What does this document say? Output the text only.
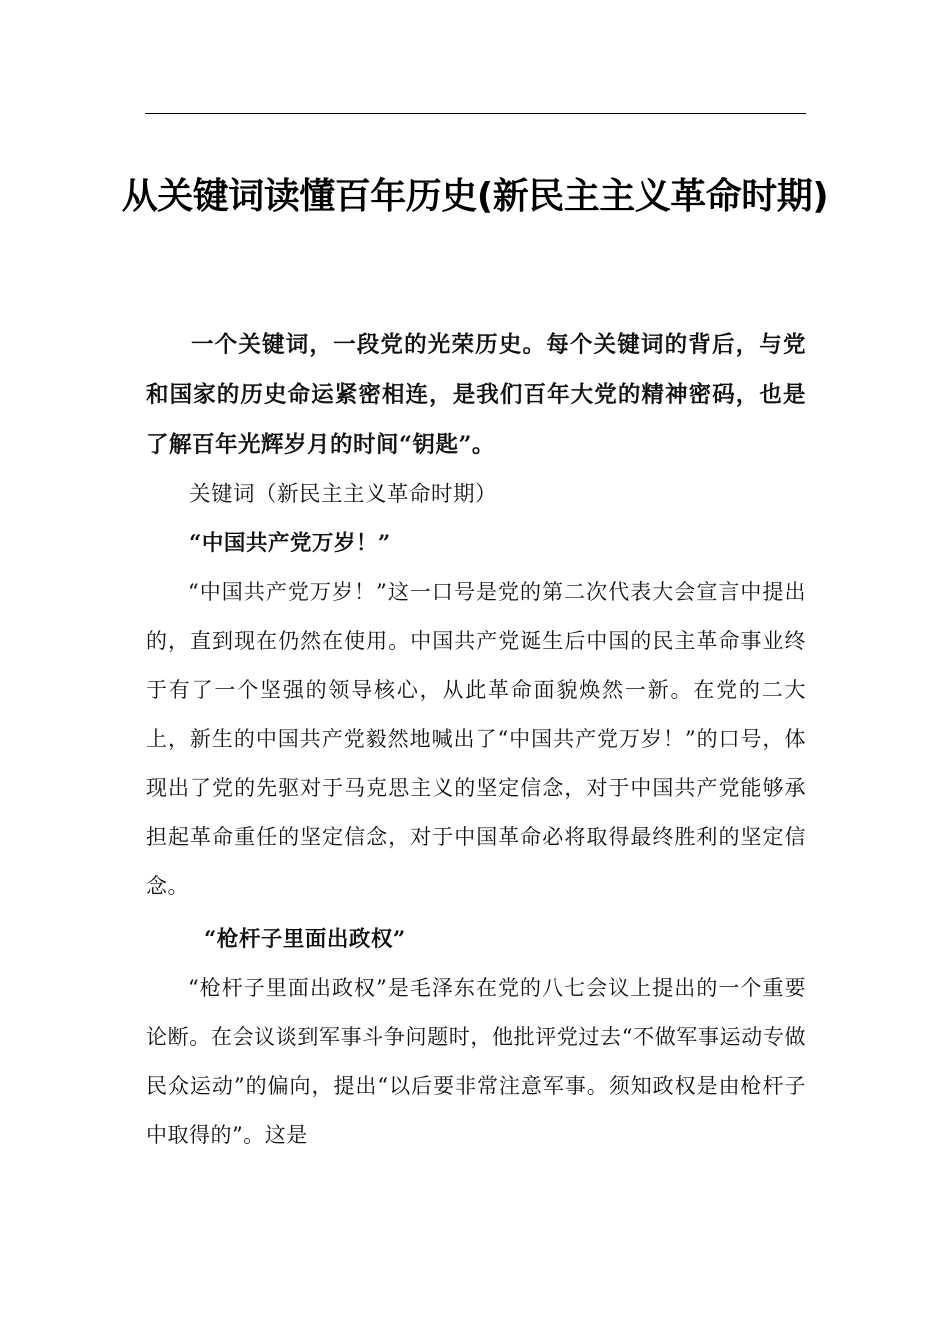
从关键词读懂百年历史(新民主主义革命时期)

一个关键词，一段党的光荣历史。每个关键词的背后，与党和国家的历史命运紧密相连，是我们百年大党的精神密码，也是了解百年光辉岁月的时间“钥匙”。

关键词（新民主主义革命时期）

“中国共产党万岁！”

“中国共产党万岁！”这一口号是党的第二次代表大会宣言中提出的，直到现在仍然在使用。中国共产党诞生后中国的民主革命事业终于有了一个坚强的领导核心，从此革命面貌焕然一新。在党的二大上，新生的中国共产党毅然地喊出了“中国共产党万岁！”的口号，体现出了党的先驱对于马克思主义的坚定信念，对于中国共产党能够承担起革命重任的坚定信念，对于中国革命必将取得最终胜利的坚定信念。

“枪杆子里面出政权”

“枪杆子里面出政权”是毛泽东在党的八七会议上提出的一个重要论断。在会议谈到军事斗争问题时，他批评党过去“不做军事运动专做民众运动”的偏向，提出“以后要非常注意军事。须知政权是由枪杆子中取得的”。这是
